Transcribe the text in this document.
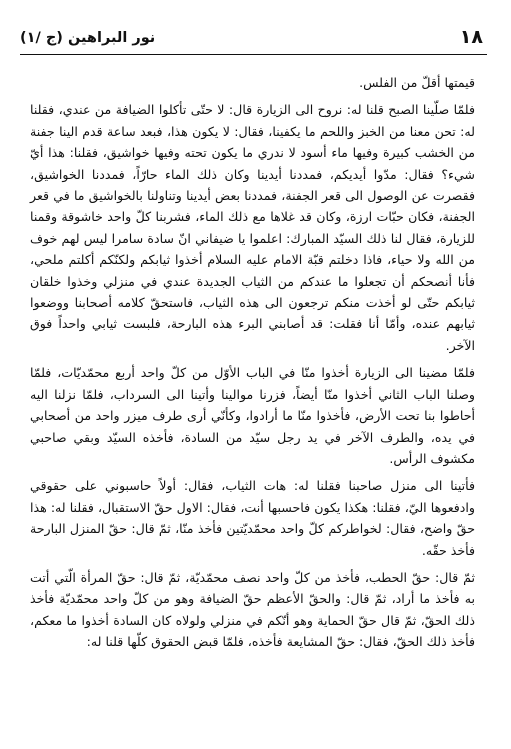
نور البراهين (ج /١)	١٨

قيمتها أقلّ من الفلس.

فلمّا صلّينا الصبح قلنا له: نروح الى الزيارة قال: لا حتّى تأكلوا الضيافة من عندي، فقلنا له: تحن معنا من الخبز واللحم ما يكفينا، فقال: لا يكون هذا، فبعد ساعة قدم الينا جفنة من الخشب كبيرة وفيها ماء أسود لا ندري ما يكون تحته وفيها خواشيق، فقلنا: هذا أيّ شيء؟ فقال: مدّوا أيديكم، فمددنا أيدينا وكان ذلك الماء حارّاً، فمددنا الخواشيق، فقصرت عن الوصول الى قعر الجفنة، فمددنا بعض أيدينا وتناولنا بالخواشيق ما في قعر الجفنة، فكان حبّات ارزة، وكان قد غلاها مع ذلك الماء، فشربنا كلّ واحد خاشوقة وقمنا للزيارة، فقال لنا ذلك السيّد المبارك: اعلموا يا ضيفاني انّ سادة سامرا ليس لهم خوف من الله ولا حياء، فاذا دخلتم قبّة الامام عليه السلام أخذوا ثيابكم ولكنّكم أكلتم ملحي، فأنا أنصحكم أن تجعلوا ما عندكم من الثياب الجديدة عندي في منزلي وخذوا خلقان ثيابكم حتّى لو أخذت منكم ترجعون الى هذه الثياب، فاستحقّ كلامه أصحابنا ووضعوا ثيابهم عنده، وأمّا أنا فقلت: قد أصابني البرء هذه البارحة، فلبست ثيابي واحداً فوق الآخر.

فلمّا مضينا الى الزيارة أخذوا منّا في الباب الأوّل من كلّ واحد أربع محمّديّات، فلمّا وصلنا الباب الثاني أخذوا منّا أيضاً، فزرنا موالينا وأتينا الى السرداب، فلمّا نزلنا اليه أحاطوا بنا تحت الأرض، فأخذوا منّا ما أرادوا، وكأنّي أرى طرف ميزر واحد من أصحابي في يده، والطرف الآخر في يد رجل سيّد من السادة، فأخذه السيّد وبقي صاحبي مكشوف الرأس.

فأتينا الى منزل صاحبنا فقلنا له: هات الثياب، فقال: أولاً حاسبوني على حقوقي وادفعوها اليّ، فقلنا: هكذا يكون فاحسبها أنت، فقال: الاول حقّ الاستقبال، فقلنا له: هذا حقّ واضح، فقال: لخواطركم كلّ واحد محمّديّتين فأخذ منّا، ثمّ قال: حقّ المنزل البارحة فأخذ حقّه.

ثمّ قال: حقّ الحطب، فأخذ من كلّ واحد نصف محمّديّة، ثمّ قال: حقّ المرأة الّتي أتت به فأخذ ما أراد، ثمّ قال: والحقّ الأعظم حقّ الضيافة وهو من كلّ واحد محمّديّة فأخذ ذلك الحقّ، ثمّ قال حقّ الحماية وهو أنّكم في منزلي ولولاه كان السادة أخذوا ما معكم، فأخذ ذلك الحقّ، فقال: حقّ المشايعة فأخذه، فلمّا قبض الحقوق كلّها قلنا له:
